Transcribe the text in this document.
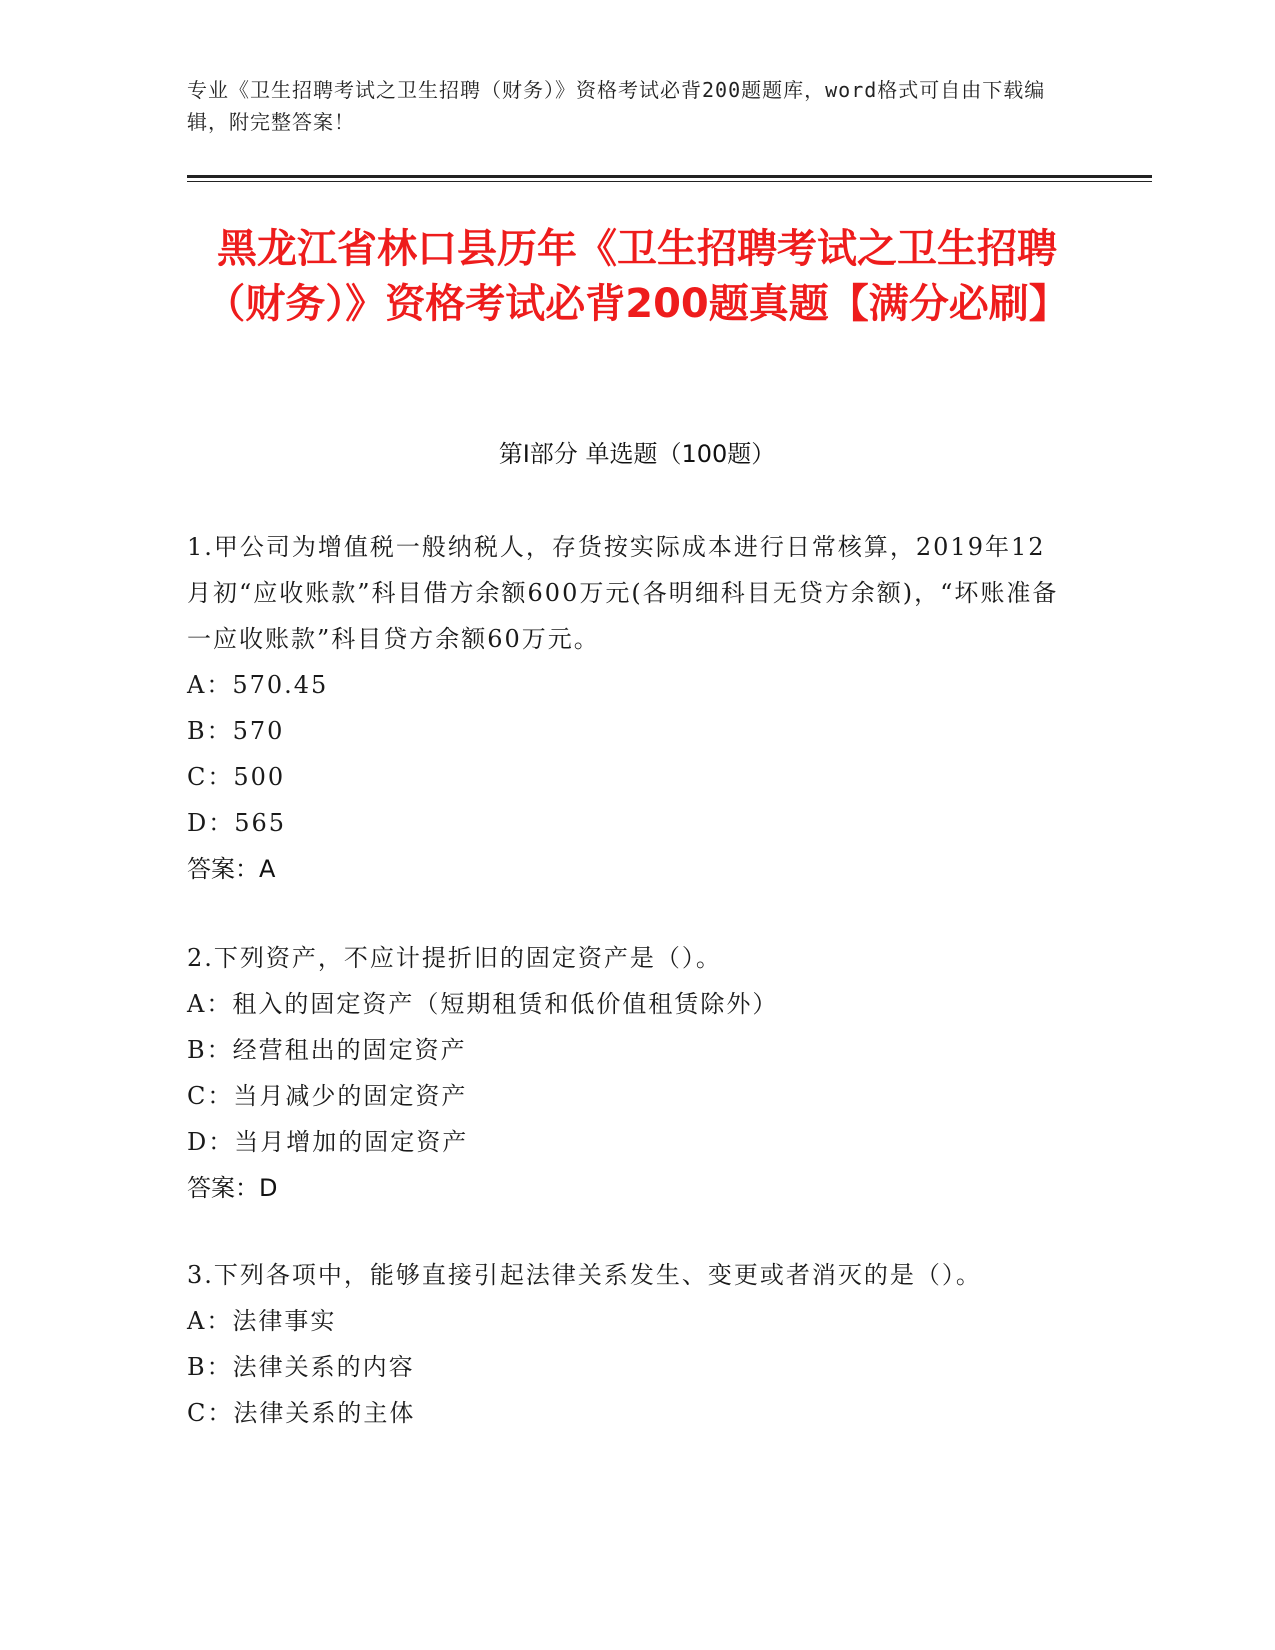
专业《卫生招聘考试之卫生招聘（财务）》资格考试必背200题题库，word格式可自由下载编辑，附完整答案！
黑龙江省林口县历年《卫生招聘考试之卫生招聘（财务）》资格考试必背200题真题【满分必刷】
第Ⅰ部分 单选题（100题）
1.甲公司为增值税一般纳税人，存货按实际成本进行日常核算，2019年12月初“应收账款”科目借方余额600万元(各明细科目无贷方余额)，“坏账准备一应收账款”科目贷方余额60万元。
A：570.45
B：570
C：500
D：565
答案：A
2.下列资产，不应计提折旧的固定资产是（）。
A：租入的固定资产（短期租赁和低价值租赁除外）
B：经营租出的固定资产
C：当月减少的固定资产
D：当月增加的固定资产
答案：D
3.下列各项中，能够直接引起法律关系发生、变更或者消灭的是（）。
A：法律事实
B：法律关系的内容
C：法律关系的主体
